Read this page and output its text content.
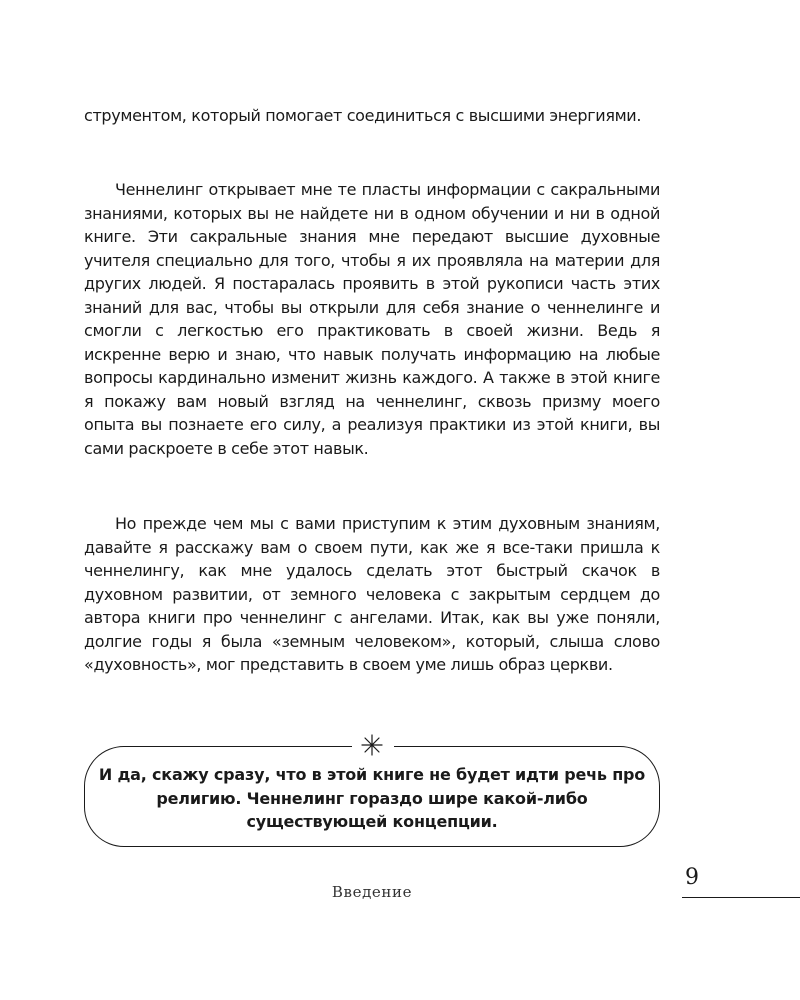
струментом, который помогает соединиться с высшими энергиями.

Ченнелинг открывает мне те пласты информации с сакральными знаниями, которых вы не найдете ни в одном обучении и ни в одной книге. Эти сакральные знания мне передают высшие духовные учителя специально для того, чтобы я их проявляла на материи для других людей. Я постаралась проявить в этой рукописи часть этих знаний для вас, чтобы вы открыли для себя знание о ченнелинге и смогли с легкостью его практиковать в своей жизни. Ведь я искренне верю и знаю, что навык получать информацию на любые вопросы кардинально изменит жизнь каждого. А также в этой книге я покажу вам новый взгляд на ченнелинг, сквозь призму моего опыта вы познаете его силу, а реализуя практики из этой книги, вы сами раскроете в себе этот навык.

Но прежде чем мы с вами приступим к этим духовным знаниям, давайте я расскажу вам о своем пути, как же я все-таки пришла к ченнелингу, как мне удалось сделать этот быстрый скачок в духовном развитии, от земного человека с закрытым сердцем до автора книги про ченнелинг с ангелами. Итак, как вы уже поняли, долгие годы я была «земным человеком», который, слыша слово «духовность», мог представить в своем уме лишь образ церкви.

И да, скажу сразу, что в этой книге не будет идти речь про религию. Ченнелинг гораздо шире какой-либо существующей концепции.

Введение
9
